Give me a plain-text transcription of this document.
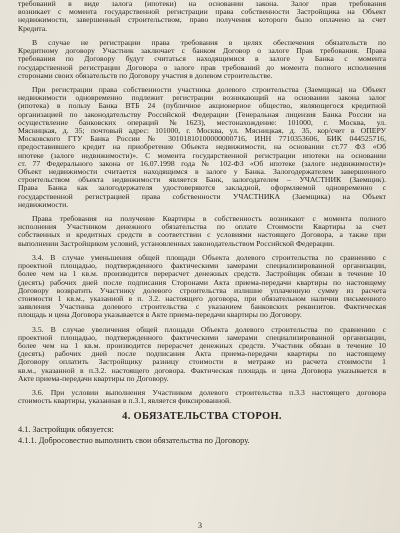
требований в виде залога (ипотеки) на основании закона. Залог прав требования
возникает с момента государственной регистрации права собственности Застройщика на Объект
недвижимости, завершенный строительством, право получения которого было оплачено за счет
Кредита.
В случае не регистрации права требования в целях обеспечения обязательств по
Кредитному договору Участник заключает с банком Договор о залоге Прав требования. Права
требования по Договору будут считаться находящимися в залоге у Банка с момента
государственной регистрации Договора о залоге прав требований до момента полного исполнения
сторонами своих обязательств по Договору участия в долевом строительстве.
При регистрации права собственности участника долевого строительства (Заемщика) на Объект
недвижимости одновременно подлежит регистрации возникающий на основании закона залог
(ипотека) в пользу Банка ВТБ 24 (публичное акционерное общество, являющегося кредитной
организацией по законодательству Российской Федерации (Генеральная лицензия Банка России на
осуществление банковских операций №1623), местонахождение: 101000, г. Москва, ул.
Мясницкая, д. 35; почтовый адрес: 101000, г. Москва, ул. Мясницкая, д. 35, кор/счет в ОПЕРУ
Московского ГТУ Банка России № 30101810100000000716, ИНН 7710353606, БИК 044525716,
предоставившего кредит на приобретение Объекта недвижимости, на основании ст.77 ФЗ «Об
ипотеке (залоге недвижимости)». С момента государственной регистрации ипотеки на основании
ст. 77 Федерального закона от 16.07.1998 года № 102-ФЗ «Об ипотеке (залоге недвижимости)»
Объект недвижимости считается находящимся в залоге у Банка. Залогодержателем завершенного
строительством объекта недвижимости является Банк, залогодателем – УЧАСТНИК (Заемщик).
Права Банка как залогодержателя удостоверяются закладной, оформляемой одновременно с
государственной регистрацией права собственности УЧАСТНИКА (Заемщика) на Объект
недвижимости.
Права требования на получение Квартиры в собственность возникают с момента полного
исполнения Участником денежного обязательства по оплате Стоимости Квартиры за счет
собственных и кредитных средств в соответствии с условиями настоящего Договора, а также при
выполнении Застройщиком условий, установленных законодательством Российской Федерации.
3.4. В случае уменьшения общей площади Объекта долевого строительства по сравнению с
проектной площадью, подтвержденного фактическими замерами специализированной организации,
более чем на 1 кв.м. производится перерасчет денежных средств. Застройщик обязан в течение 10
(десять) рабочих дней после подписания Сторонами Акта приема-передачи квартиры по настоящему
Договору возвратить Участнику долевого строительства излишне уплаченную сумму из расчета
стоимости 1 кв.м., указанной в п. 3.2. настоящего договора, при обязательном наличии письменного
заявления Участника долевого строительства с указанием банковских реквизитов. Фактическая
площадь и цена Договора указывается в Акте приема-передачи квартиры по Договору.
3.5. В случае увеличения общей площади Объекта долевого строительства по сравнению с
проектной площадью, подтвержденного фактическими замерами специализированной организации,
более чем на 1 кв.м. производится перерасчет денежных средств. Участник обязан в течение 10
(десять) рабочих дней после подписания Акта приема-передачи квартиры по настоящему
Договору оплатить Застройщику разницу стоимости в метраже из расчета стоимости 1
кв.м., указанной в п.3.2. настоящего договора. Фактическая площадь и цена Договора указывается в
Акте приема-передачи квартиры по Договору.
3.6. При условии выполнения Участником долевого строительства п.3.3 настоящего договора
стоимость квартиры, указанная в п.3.1, является фиксированной.
4. ОБЯЗАТЕЛЬСТВА СТОРОН.
4.1. Застройщик обязуется:
4.1.1. Добросовестно выполнить свои обязательства по Договору.
3
